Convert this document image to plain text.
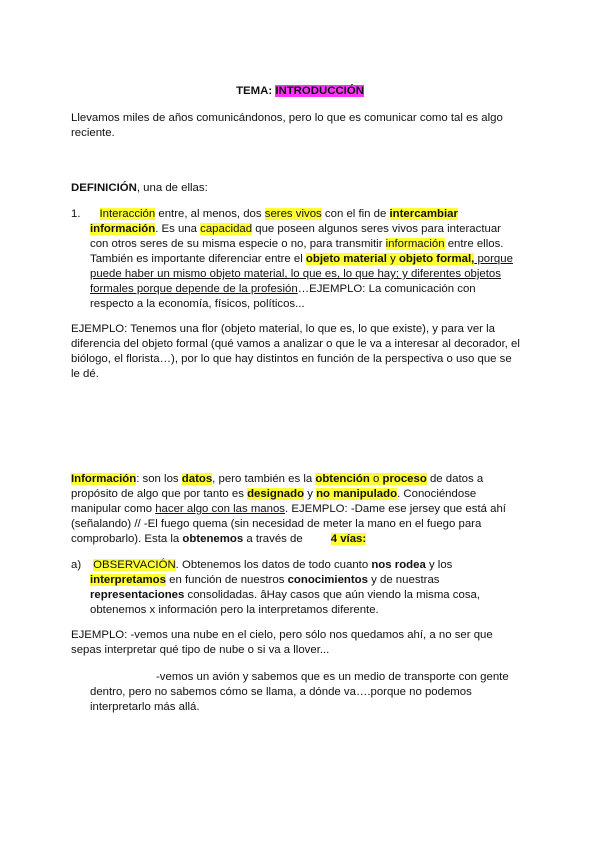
TEMA: INTRODUCCIÓN

Llevamos miles de años comunicándonos, pero lo que es comunicar como tal es algo reciente.

DEFINICIÓN, una de ellas:

1.	Interacción entre, al menos, dos seres vivos con el fin de intercambiar información. Es una capacidad que poseen algunos seres vivos para interactuar con otros seres de su misma especie o no, para transmitir información entre ellos. También es importante diferenciar entre el objeto material y objeto formal, porque puede haber un mismo objeto material, lo que es, lo que hay; y diferentes objetos formales porque depende de la profesión…EJEMPLO: La comunicación con respecto a la economía, físicos, políticos...

EJEMPLO: Tenemos una flor (objeto material, lo que es, lo que existe), y para ver la diferencia del objeto formal (qué vamos a analizar o que le va a interesar al decorador, el biólogo, el florista…), por lo que hay distintos en función de la perspectiva o uso que se le dé.

Información: son los datos, pero también es la obtención o proceso de datos a propósito de algo que por tanto es designado y no manipulado. Conociéndose manipular como hacer algo con las manos. EJEMPLO: -Dame ese jersey que está ahí (señalando) // -El fuego quema (sin necesidad de meter la mano en el fuego para comprobarlo). Esta la obtenemos a través de 4 vías:

a) OBSERVACIÓN. Obtenemos los datos de todo cuanto nos rodea y los interpretamos en función de nuestros conocimientos y de nuestras representaciones consolidadas. âHay casos que aún viendo la misma cosa, obtenemos x información pero la interpretamos diferente.

EJEMPLO: -vemos una nube en el cielo, pero sólo nos quedamos ahí, a no ser que sepas interpretar qué tipo de nube o si va a llover...

-vemos un avión y sabemos que es un medio de transporte con gente dentro, pero no sabemos cómo se llama, a dónde va….porque no podemos interpretarlo más allá.
